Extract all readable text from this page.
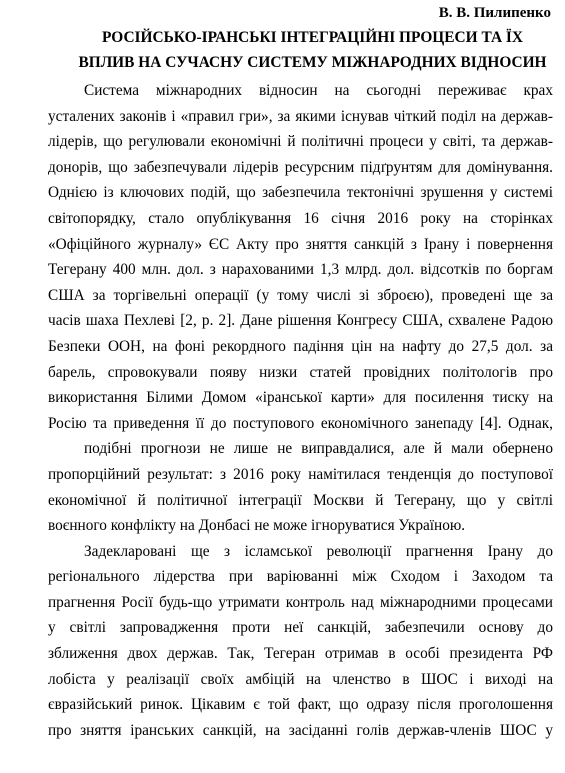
В. В. Пилипенко
РОСІЙСЬКО-ІРАНСЬКІ ІНТЕГРАЦІЙНІ ПРОЦЕСИ ТА ЇХ
ВПЛИВ НА СУЧАСНУ СИСТЕМУ МІЖНАРОДНИХ ВІДНОСИН

Система міжнародних відносин на сьогодні переживає крах
усталених законів і «правил гри», за якими існував чіткий поділ на держав-
лідерів, що регулювали економічні й політичні процеси у світі, та держав-
донорів, що забезпечували лідерів ресурсним підґрунтям для домінування.
Однією із ключових подій, що забезпечила тектонічні зрушення у системі
світопорядку, стало опублікування 16 січня 2016 року на сторінках
«Офіційного журналу» ЄС Акту про зняття санкцій з Ірану і повернення
Тегерану 400 млн. дол. з нарахованими 1,3 млрд. дол. відсотків по боргам
США за торгівельні операції (у тому числі зі зброєю), проведені ще за
часів шаха Пехлеві [2, p. 2]. Дане рішення Конгресу США, схвалене Радою
Безпеки ООН, на фоні рекордного падіння цін на нафту до 27,5 дол. за
барель, спровокували появу низки статей провідних політологів про
використання Білими Домом «іранської карти» для посилення тиску на
Росію та приведення її до поступового економічного занепаду [4]. Однак,
подібні прогнози не лише не виправдалися, але й мали обернено
пропорційний результат: з 2016 року намітилася тенденція до поступової
економічної й політичної інтеграції Москви й Тегерану, що у світлі
воєнного конфлікту на Донбасі не може ігноруватися Україною.

Задекларовані ще з ісламської революції прагнення Ірану до
регіонального лідерства при варіюванні між Сходом і Заходом та
прагнення Росії будь-що утримати контроль над міжнародними процесами
у світлі запровадження проти неї санкцій, забезпечили основу до
зближення двох держав. Так, Тегеран отримав в особі президента РФ
лобіста у реалізації своїх амбіцій на членство в ШОС і виході на
євразійський ринок. Цікавим є той факт, що одразу після проголошення
про зняття іранських санкцій, на засіданні голів держав-членів ШОС у
